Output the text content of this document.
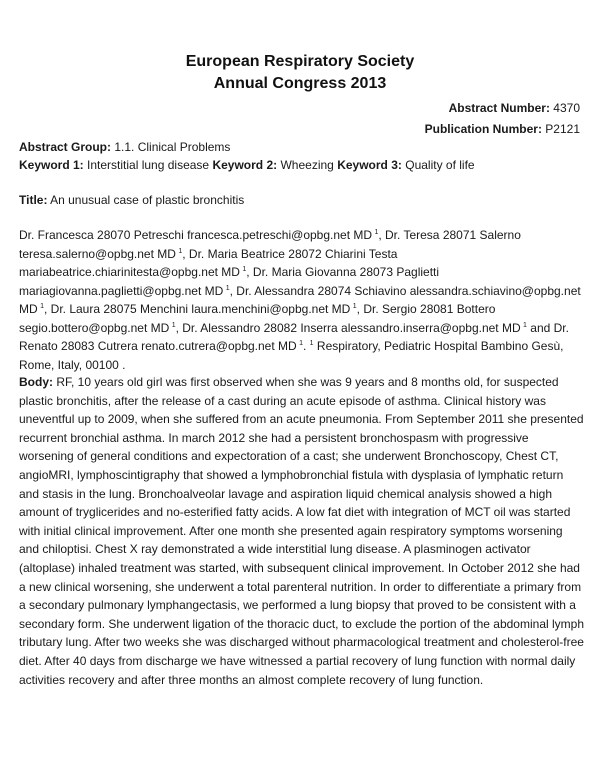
European Respiratory Society
Annual Congress 2013
Abstract Number: 4370
Publication Number: P2121
Abstract Group: 1.1. Clinical Problems
Keyword 1: Interstitial lung disease Keyword 2: Wheezing Keyword 3: Quality of life
Title: An unusual case of plastic bronchitis
Dr. Francesca 28070 Petreschi francesca.petreschi@opbg.net MD  $^1$, Dr. Teresa 28071 Salerno teresa.salerno@opbg.net MD  $^1$, Dr. Maria Beatrice 28072 Chiarini Testa mariabeatrice.chiarinitesta@opbg.net MD  $^1$, Dr. Maria Giovanna 28073 Paglietti mariagiovanna.paglietti@opbg.net MD  $^1$, Dr. Alessandra 28074 Schiavino alessandra.schiavino@opbg.net MD  $^1$, Dr. Laura 28075 Menchini laura.menchini@opbg.net MD  $^1$, Dr. Sergio 28081 Bottero segio.bottero@opbg.net MD  $^1$, Dr. Alessandro 28082 Inserra alessandro.inserra@opbg.net MD  $^1$ and Dr. Renato 28083 Cutrera renato.cutrera@opbg.net MD  $^1$. $^1$ Respiratory, Pediatric Hospital Bambino Gesù, Rome, Italy, 00100 .
Body: RF, 10 years old girl was first observed when she was 9 years and 8 months old, for suspected plastic bronchitis, after the release of a cast during an acute episode of asthma. Clinical history was uneventful up to 2009, when she suffered from an acute pneumonia. From September 2011 she presented recurrent bronchial asthma. In march 2012 she had a persistent bronchospasm with progressive worsening of general conditions and expectoration of a cast; she underwent Bronchoscopy, Chest CT, angioMRI, lymphoscintigraphy that showed a lymphobronchial fistula with dysplasia of lymphatic return and stasis in the lung. Bronchoalveolar lavage and aspiration liquid chemical analysis showed a high amount of tryglicerides and no-esterified fatty acids. A low fat diet with integration of MCT oil was started with initial clinical improvement. After one month she presented again respiratory symptoms worsening and chiloptisi. Chest X ray demonstrated a wide interstitial lung disease. A plasminogen activator (altoplase) inhaled treatment was started, with subsequent clinical improvement. In October 2012 she had a new clinical worsening, she underwent a total parenteral nutrition. In order to differentiate a primary from a secondary pulmonary lymphangectasis, we performed a lung biopsy that proved to be consistent with a secondary form. She underwent ligation of the thoracic duct, to exclude the portion of the abdominal lymph tributary lung. After two weeks she was discharged without pharmacological treatment and cholesterol-free diet. After 40 days from discharge we have witnessed a partial recovery of lung function with normal daily activities recovery and after three months an almost complete recovery of lung function.
